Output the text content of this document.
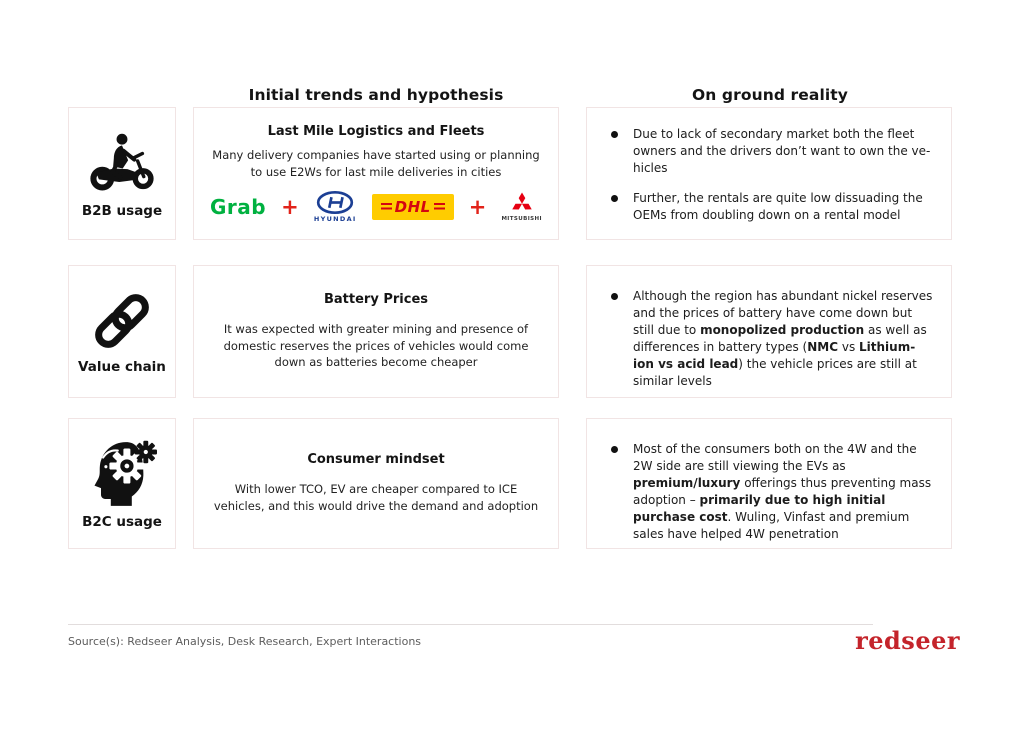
Initial trends and hypothesis	On ground reality
B2B usage
Last Mile Logistics and Fleets
Many delivery companies have started using or planning to use E2Ws for last mile deliveries in cities
Grab +
HYUNDAI
DHL +
MITSUBISHI
Due to lack of secondary market both the fleet owners and the drivers don’t want to own the vehicles
Further, the rentals are quite low dissuading the OEMs from doubling down on a rental model
Value chain
Battery Prices
It was expected with greater mining and presence of domestic reserves the prices of vehicles would come down as batteries become cheaper
Although the region has abundant nickel reserves and the prices of battery have come down but still due to monopolized production as well as differences in battery types (NMC vs Lithium-ion vs acid lead) the vehicle prices are still at similar levels
B2C usage
Consumer mindset
With lower TCO, EV are cheaper compared to ICE vehicles, and this would drive the demand and adoption
Most of the consumers both on the 4W and the 2W side are still viewing the EVs as premium/luxury offerings thus preventing mass adoption – primarily due to high initial purchase cost. Wuling, Vinfast and premium sales have helped 4W penetration
Source(s): Redseer Analysis, Desk Research, Expert Interactions	redseer
